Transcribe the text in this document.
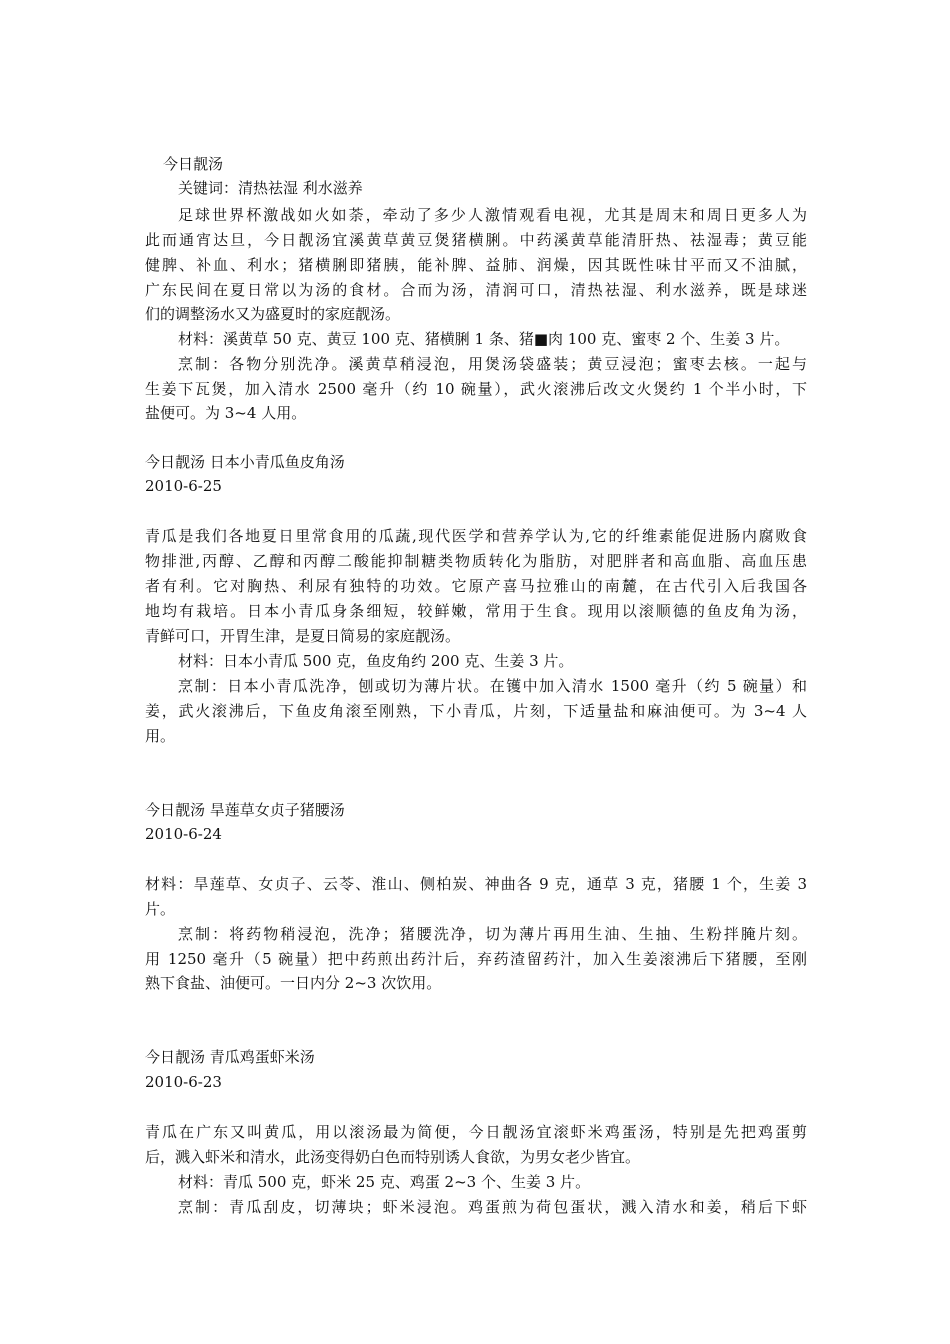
今日靓汤
关键词：清热祛湿 利水滋养
足球世界杯激战如火如荼，牵动了多少人激情观看电视，尤其是周末和周日更多人为
此而通宵达旦，今日靓汤宜溪黄草黄豆煲猪横脷。中药溪黄草能清肝热、祛湿毒；黄豆能
健脾、补血、利水；猪横脷即猪胰，能补脾、益肺、润燥，因其既性味甘平而又不油腻，
广东民间在夏日常以为汤的食材。合而为汤，清润可口，清热祛湿、利水滋养，既是球迷
们的调整汤水又为盛夏时的家庭靓汤。
材料：溪黄草 50 克、黄豆 100 克、猪横脷 1 条、猪■肉 100 克、蜜枣 2 个、生姜 3 片。
烹制：各物分别洗净。溪黄草稍浸泡，用煲汤袋盛装；黄豆浸泡；蜜枣去核。一起与
生姜下瓦煲，加入清水 2500 毫升（约 10 碗量），武火滚沸后改文火煲约 1 个半小时，下
盐便可。为 3~4 人用。
今日靓汤 日本小青瓜鱼皮角汤
2010-6-25
青瓜是我们各地夏日里常食用的瓜蔬,现代医学和营养学认为,它的纤维素能促进肠内腐败食
物排泄,丙醇、乙醇和丙醇二酸能抑制糖类物质转化为脂肪，对肥胖者和高血脂、高血压患
者有利。它对胸热、利尿有独特的功效。它原产喜马拉雅山的南麓，在古代引入后我国各
地均有栽培。日本小青瓜身条细短，较鲜嫩，常用于生食。现用以滚顺德的鱼皮角为汤，
青鲜可口，开胃生津，是夏日简易的家庭靓汤。
材料：日本小青瓜 500 克，鱼皮角约 200 克、生姜 3 片。
烹制：日本小青瓜洗净，刨或切为薄片状。在镬中加入清水 1500 毫升（约 5 碗量）和
姜，武火滚沸后，下鱼皮角滚至刚熟，下小青瓜，片刻，下适量盐和麻油便可。为 3~4 人
用。
今日靓汤 旱莲草女贞子猪腰汤
2010-6-24
材料：旱莲草、女贞子、云苓、淮山、侧柏炭、神曲各 9 克，通草 3 克，猪腰 1 个，生姜 3
片。
烹制：将药物稍浸泡，洗净；猪腰洗净，切为薄片再用生油、生抽、生粉拌腌片刻。
用 1250 毫升（5 碗量）把中药煎出药汁后，弃药渣留药汁，加入生姜滚沸后下猪腰，至刚
熟下食盐、油便可。一日内分 2~3 次饮用。
今日靓汤 青瓜鸡蛋虾米汤
2010-6-23
青瓜在广东又叫黄瓜，用以滚汤最为简便，今日靓汤宜滚虾米鸡蛋汤，特别是先把鸡蛋剪
后，溅入虾米和清水，此汤变得奶白色而特别诱人食欲，为男女老少皆宜。
材料：青瓜 500 克，虾米 25 克、鸡蛋 2~3 个、生姜 3 片。
烹制：青瓜刮皮，切薄块；虾米浸泡。鸡蛋煎为荷包蛋状，溅入清水和姜，稍后下虾
